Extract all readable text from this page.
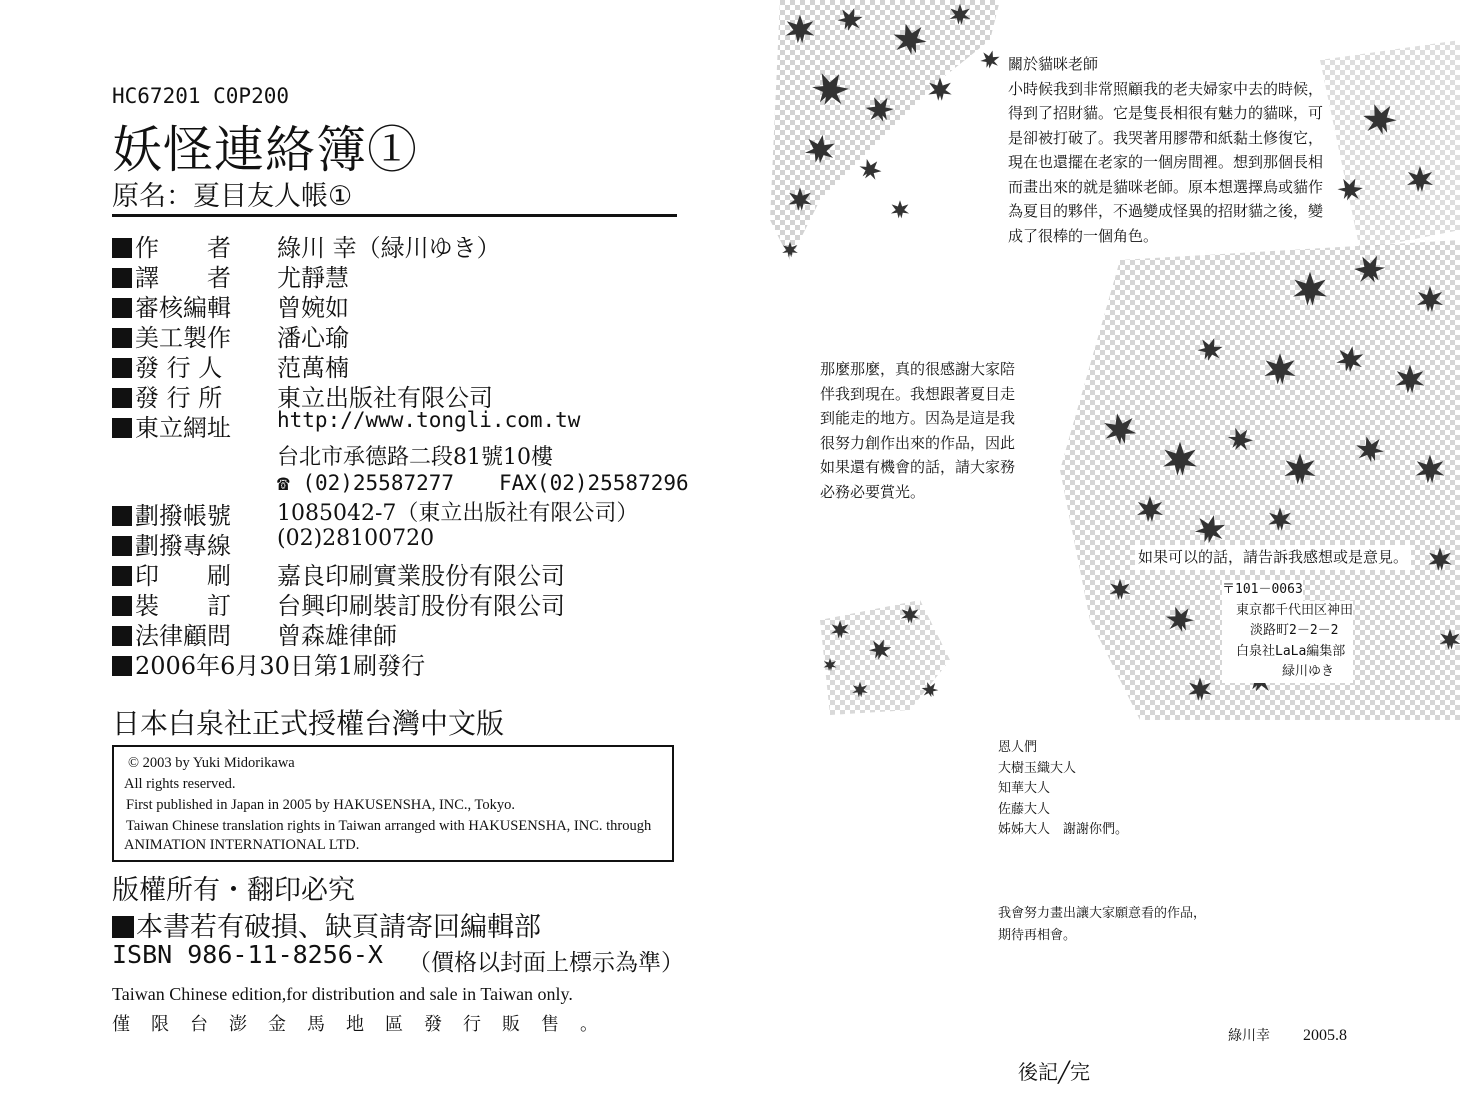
HC67201 C0P200
妖怪連絡簿①
原名：夏目友人帳①
作　　者	綠川 幸（緑川ゆき）
譯　　者	尤靜慧
審核編輯	曾婉如
美工製作	潘心瑜
發 行 人	范萬楠
發 行 所	東立出版社有限公司
東立網址	http://www.tongli.com.tw
台北市承德路二段81號10樓
☎ (02)25587277 FAX(02)25587296
劃撥帳號	1085042-7（東立出版社有限公司）
劃撥專線	(02)28100720
印　　刷	嘉良印刷實業股份有限公司
裝　　訂	台興印刷裝訂股份有限公司
法律顧問	曾森雄律師
2006年6月30日第1刷發行
日本白泉社正式授權台灣中文版
© 2003 by Yuki Midorikawa
All rights reserved.
First published in Japan in 2005 by HAKUSENSHA, INC., Tokyo.
Taiwan Chinese translation rights in Taiwan arranged with HAKUSENSHA, INC. through
ANIMATION INTERNATIONAL LTD.
版權所有・翻印必究
本書若有破損、缺頁請寄回編輯部
ISBN 986-11-8256-X （價格以封面上標示為準）
Taiwan Chinese edition,for distribution and sale in Taiwan only.
僅限台澎金馬地區發行販售。
關於貓咪老師
小時候我到非常照顧我的老夫婦家中去的時候，
得到了招財貓。它是隻長相很有魅力的貓咪，可
是卻被打破了。我哭著用膠帶和紙黏土修復它，
現在也還擺在老家的一個房間裡。想到那個長相
而畫出來的就是貓咪老師。原本想選擇鳥或貓作
為夏目的夥伴，不過變成怪異的招財貓之後，變
成了很棒的一個角色。
那麼那麼，真的很感謝大家陪
伴我到現在。我想跟著夏目走
到能走的地方。因為是這是我
很努力創作出來的作品，因此
如果還有機會的話，請大家務
必務必要賞光。
如果可以的話，請告訴我感想或是意見。
〒101－0063
東京都千代田区神田
淡路町2－2－2
白泉社LaLa編集部
緑川ゆき
恩人們
大樹玉織大人
知華大人
佐藤大人
姊姊大人　謝謝你們。
我會努力畫出讓大家願意看的作品，
期待再相會。
綠川幸 2005.8
後記╱完
